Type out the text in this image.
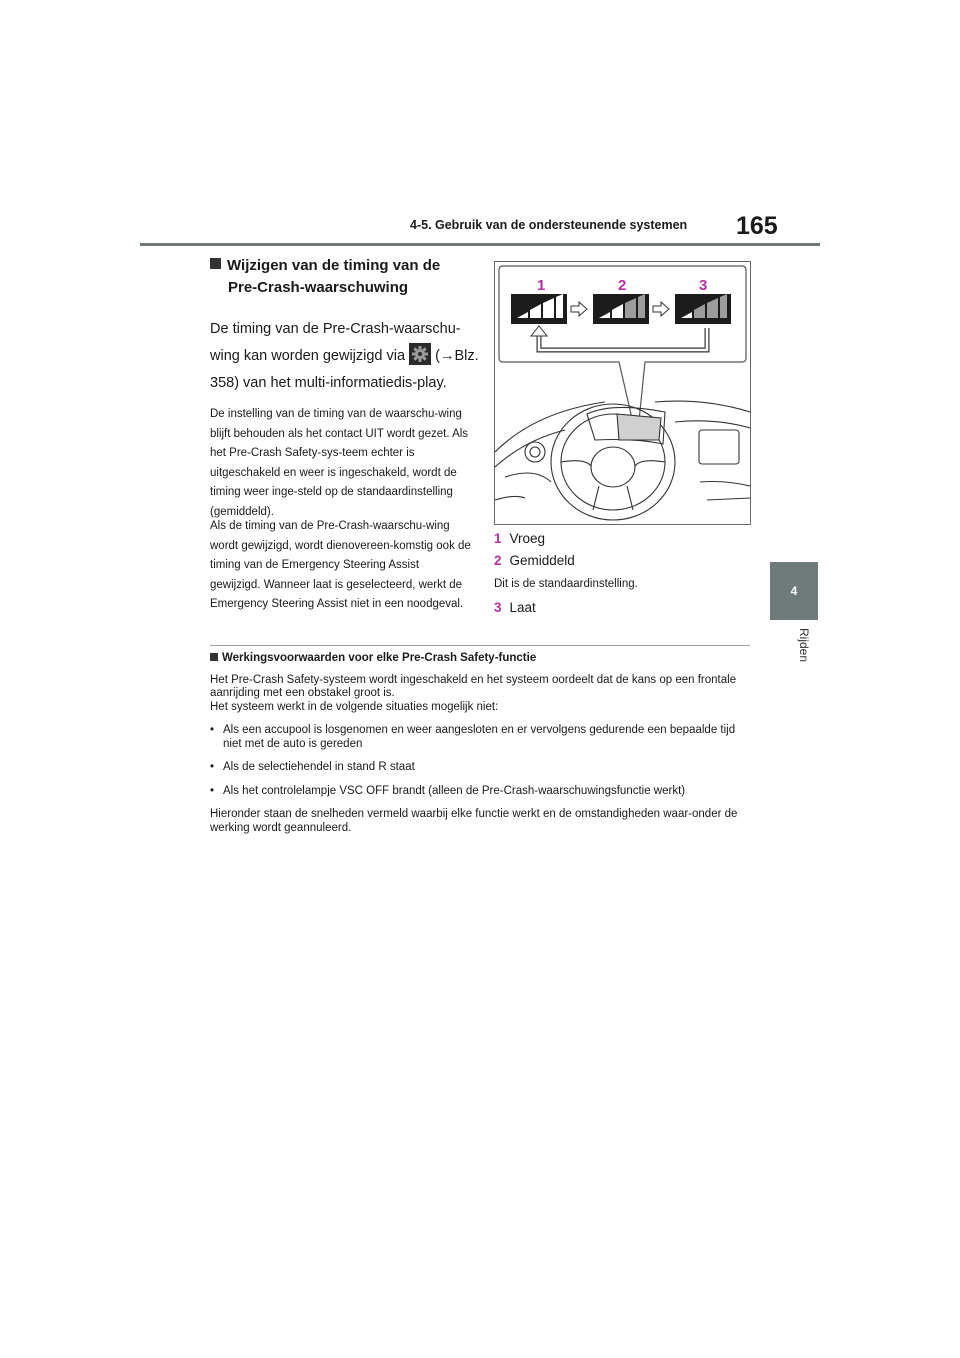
4-5. Gebruik van de ondersteunende systemen 165
4
Rijden
Wijzigen van de timing van de
Pre-Crash-waarschuwing
De timing van de Pre-Crash-waarschu-wing kan worden gewijzigd via (→Blz. 358) van het multi-informatiedis-play.
De instelling van de timing van de waarschu-wing blijft behouden als het contact UIT wordt gezet. Als het Pre-Crash Safety-sys-teem echter is uitgeschakeld en weer is ingeschakeld, wordt de timing weer inge-steld op de standaardinstelling (gemiddeld).
Als de timing van de Pre-Crash-waarschu-wing wordt gewijzigd, wordt dienovereen-komstig ook de timing van de Emergency Steering Assist gewijzigd. Wanneer laat is geselecteerd, werkt de Emergency Steering Assist niet in een noodgeval.
1	2	3
1 Vroeg
2 Gemiddeld
Dit is de standaardinstelling.
3 Laat
Werkingsvoorwaarden voor elke Pre-Crash Safety-functie

Het Pre-Crash Safety-systeem wordt ingeschakeld en het systeem oordeelt dat de kans op een frontale aanrijding met een obstakel groot is.
Het systeem werkt in de volgende situaties mogelijk niet:

• Als een accupool is losgenomen en weer aangesloten en er vervolgens gedurende een bepaalde tijd niet met de auto is gereden
• Als de selectiehendel in stand R staat
• Als het controlelampje VSC OFF brandt (alleen de Pre-Crash-waarschuwingsfunctie werkt)

Hieronder staan de snelheden vermeld waarbij elke functie werkt en de omstandigheden waar-onder de werking wordt geannuleerd.
